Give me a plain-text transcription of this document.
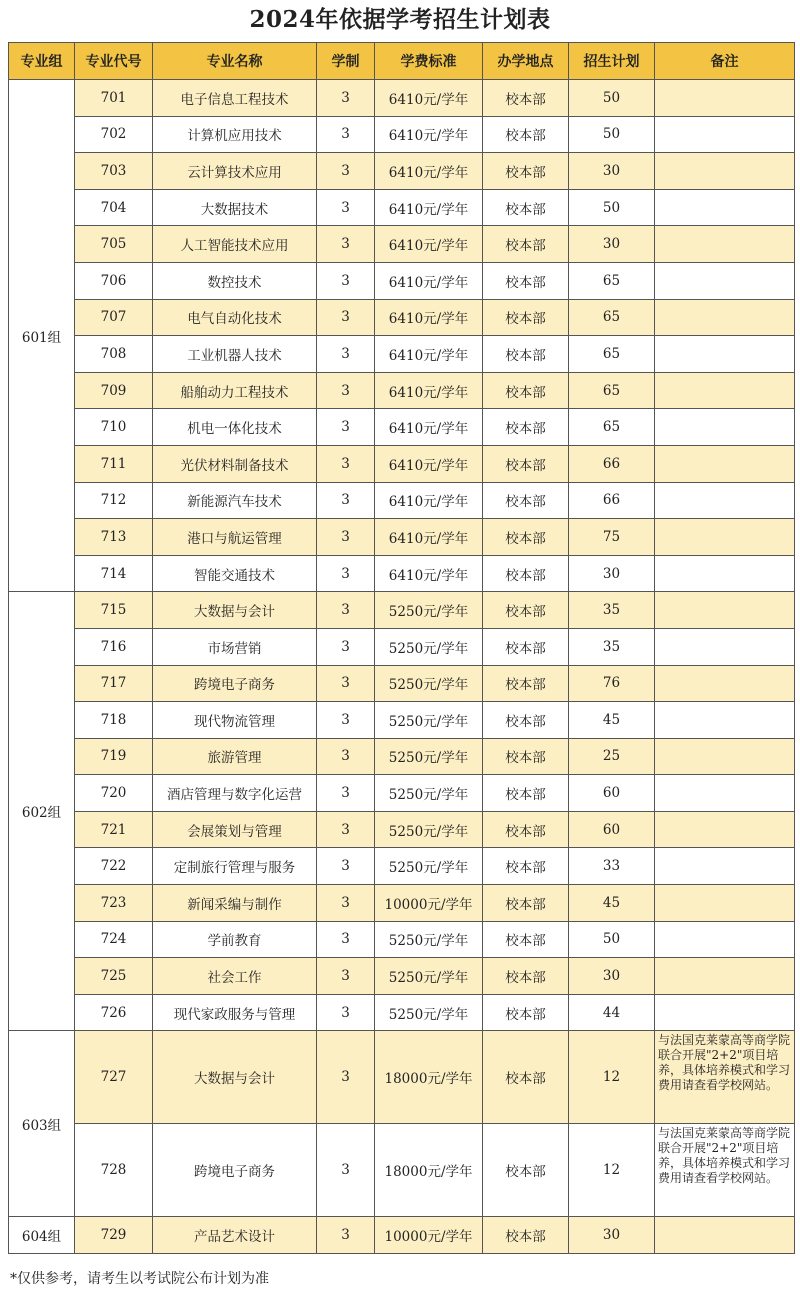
2024年依据学考招生计划表
专业组	专业代号	专业名称	学制	学费标准	办学地点	招生计划	备注
601组	701	电子信息工程技术	3	6410元/学年	校本部	50	
	702	计算机应用技术	3	6410元/学年	校本部	50	
	703	云计算技术应用	3	6410元/学年	校本部	30	
	704	大数据技术	3	6410元/学年	校本部	50	
	705	人工智能技术应用	3	6410元/学年	校本部	30	
	706	数控技术	3	6410元/学年	校本部	65	
	707	电气自动化技术	3	6410元/学年	校本部	65	
	708	工业机器人技术	3	6410元/学年	校本部	65	
	709	船舶动力工程技术	3	6410元/学年	校本部	65	
	710	机电一体化技术	3	6410元/学年	校本部	65	
	711	光伏材料制备技术	3	6410元/学年	校本部	66	
	712	新能源汽车技术	3	6410元/学年	校本部	66	
	713	港口与航运管理	3	6410元/学年	校本部	75	
	714	智能交通技术	3	6410元/学年	校本部	30	
602组	715	大数据与会计	3	5250元/学年	校本部	35	
	716	市场营销	3	5250元/学年	校本部	35	
	717	跨境电子商务	3	5250元/学年	校本部	76	
	718	现代物流管理	3	5250元/学年	校本部	45	
	719	旅游管理	3	5250元/学年	校本部	25	
	720	酒店管理与数字化运营	3	5250元/学年	校本部	60	
	721	会展策划与管理	3	5250元/学年	校本部	60	
	722	定制旅行管理与服务	3	5250元/学年	校本部	33	
	723	新闻采编与制作	3	10000元/学年	校本部	45	
	724	学前教育	3	5250元/学年	校本部	50	
	725	社会工作	3	5250元/学年	校本部	30	
	726	现代家政服务与管理	3	5250元/学年	校本部	44	
603组	727	大数据与会计	3	18000元/学年	校本部	12	与法国克莱蒙高等商学院联合开展"2+2"项目培养，具体培养模式和学习费用请查看学校网站。
	728	跨境电子商务	3	18000元/学年	校本部	12	与法国克莱蒙高等商学院联合开展"2+2"项目培养，具体培养模式和学习费用请查看学校网站。
604组	729	产品艺术设计	3	10000元/学年	校本部	30	
*仅供参考，请考生以考试院公布计划为准
